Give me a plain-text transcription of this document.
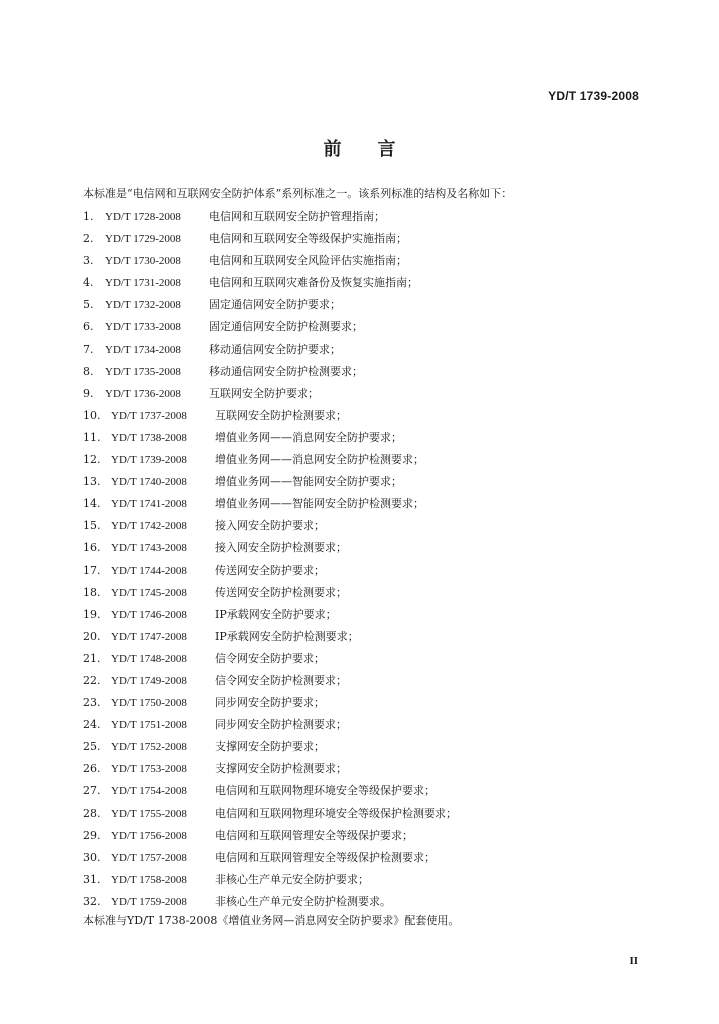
YD/T 1739-2008
前言
本标准是“电信网和互联网安全防护体系”系列标准之一。该系列标准的结构及名称如下：
1. YD/T 1728-2008	电信网和互联网安全防护管理指南；
2. YD/T 1729-2008	电信网和互联网安全等级保护实施指南；
3. YD/T 1730-2008	电信网和互联网安全风险评估实施指南；
4. YD/T 1731-2008	电信网和互联网灾难备份及恢复实施指南；
5. YD/T 1732-2008	固定通信网安全防护要求；
6. YD/T 1733-2008	固定通信网安全防护检测要求；
7. YD/T 1734-2008	移动通信网安全防护要求；
8. YD/T 1735-2008	移动通信网安全防护检测要求；
9. YD/T 1736-2008	互联网安全防护要求；
10. YD/T 1737-2008	互联网安全防护检测要求；
11. YD/T 1738-2008	增值业务网——消息网安全防护要求；
12. YD/T 1739-2008	增值业务网——消息网安全防护检测要求；
13. YD/T 1740-2008	增值业务网——智能网安全防护要求；
14. YD/T 1741-2008	增值业务网——智能网安全防护检测要求；
15. YD/T 1742-2008	接入网安全防护要求；
16. YD/T 1743-2008	接入网安全防护检测要求；
17. YD/T 1744-2008	传送网安全防护要求；
18. YD/T 1745-2008	传送网安全防护检测要求；
19. YD/T 1746-2008	IP承载网安全防护要求；
20. YD/T 1747-2008	IP承载网安全防护检测要求；
21. YD/T 1748-2008	信令网安全防护要求；
22. YD/T 1749-2008	信令网安全防护检测要求；
23. YD/T 1750-2008	同步网安全防护要求；
24. YD/T 1751-2008	同步网安全防护检测要求；
25. YD/T 1752-2008	支撑网安全防护要求；
26. YD/T 1753-2008	支撑网安全防护检测要求；
27. YD/T 1754-2008	电信网和互联网物理环境安全等级保护要求；
28. YD/T 1755-2008	电信网和互联网物理环境安全等级保护检测要求；
29. YD/T 1756-2008	电信网和互联网管理安全等级保护要求；
30. YD/T 1757-2008	电信网和互联网管理安全等级保护检测要求；
31. YD/T 1758-2008	非核心生产单元安全防护要求；
32. YD/T 1759-2008	非核心生产单元安全防护检测要求。
本标准与YD/T 1738-2008《增值业务网—消息网安全防护要求》配套使用。
II
